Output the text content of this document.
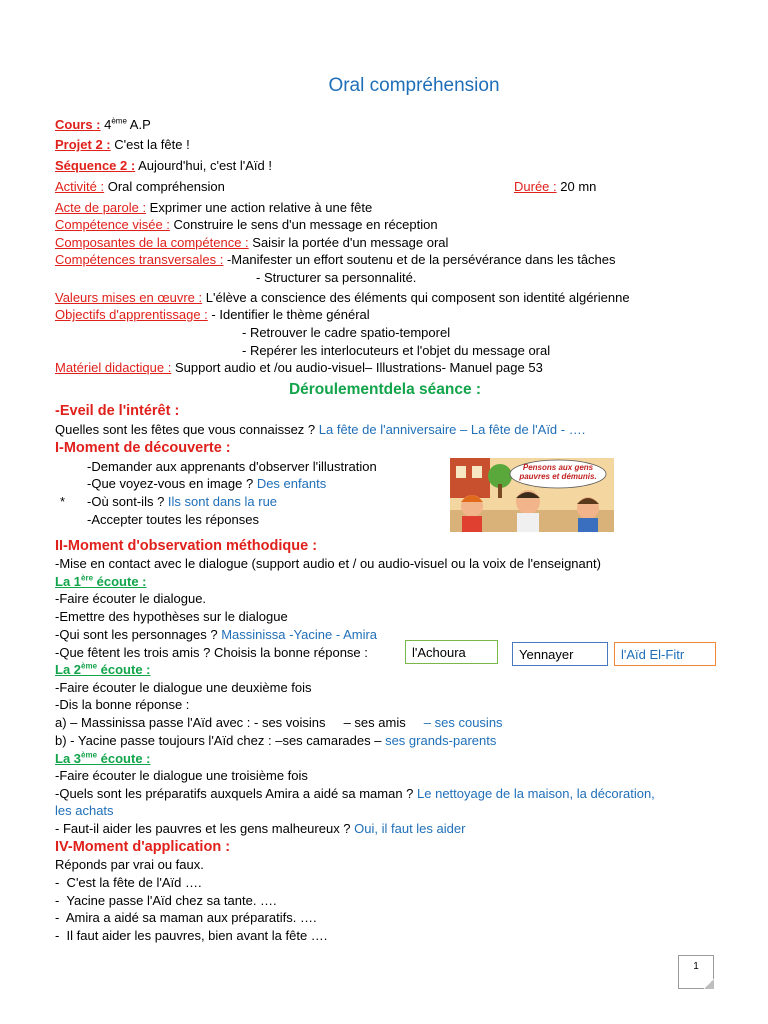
Oral compréhension
Cours : 4ème A.P
Projet 2 : C'est la fête !
Séquence 2 : Aujourd'hui, c'est l'Aïd !
Activité : Oral compréhension	Durée : 20 mn
Acte de parole : Exprimer une action relative à une fête
Compétence visée : Construire le sens d'un message en réception
Composantes de la compétence : Saisir la portée d'un message oral
Compétences transversales : -Manifester un effort soutenu et de la persévérance dans les tâches
- Structurer sa personnalité.
Valeurs mises en œuvre : L'élève a conscience des éléments qui composent son identité algérienne
Objectifs d'apprentissage : - Identifier le thème général
- Retrouver le cadre spatio-temporel
- Repérer les interlocuteurs et l'objet du message oral
Matériel didactique : Support audio et /ou audio-visuel– Illustrations- Manuel page 53
Déroulementdela séance :
-Eveil de l'intérêt :
Quelles sont les fêtes que vous connaissez ? La fête de l'anniversaire – La fête de l'Aïd - ….
I-Moment de découverte :
-Demander aux apprenants d'observer l'illustration
-Que voyez-vous en image ? Des enfants
* -Où sont-ils ? Ils sont dans la rue
-Accepter toutes les réponses
Pensons aux gens pauvres et démunis.
II-Moment d'observation méthodique :
-Mise en contact avec le dialogue (support audio et / ou audio-visuel ou la voix de l'enseignant)
La 1ère écoute :
-Faire écouter le dialogue.
-Emettre des hypothèses sur le dialogue
-Qui sont les personnages ? Massinissa -Yacine - Amira
-Que fêtent les trois amis ? Choisis la bonne réponse :	l'Achoura	Yennayer	l'Aïd El-Fitr
La 2ème écoute :
-Faire écouter le dialogue une deuxième fois
-Dis la bonne réponse :
a) – Massinissa passe l'Aïd avec : - ses voisins     – ses amis     – ses cousins
b) - Yacine passe toujours l'Aïd chez : –ses camarades – ses grands-parents
La 3ème écoute :
-Faire écouter le dialogue une troisième fois
-Quels sont les préparatifs auxquels Amira a aidé sa maman ? Le nettoyage de la maison, la décoration,
les achats
- Faut-il aider les pauvres et les gens malheureux ? Oui, il faut les aider
IV-Moment d'application :
Réponds par vrai ou faux.
-  C'est la fête de l'Aïd ….
-  Yacine passe l'Aïd chez sa tante. ….
-  Amira a aidé sa maman aux préparatifs. ….
-  Il faut aider les pauvres, bien avant la fête ….
1
